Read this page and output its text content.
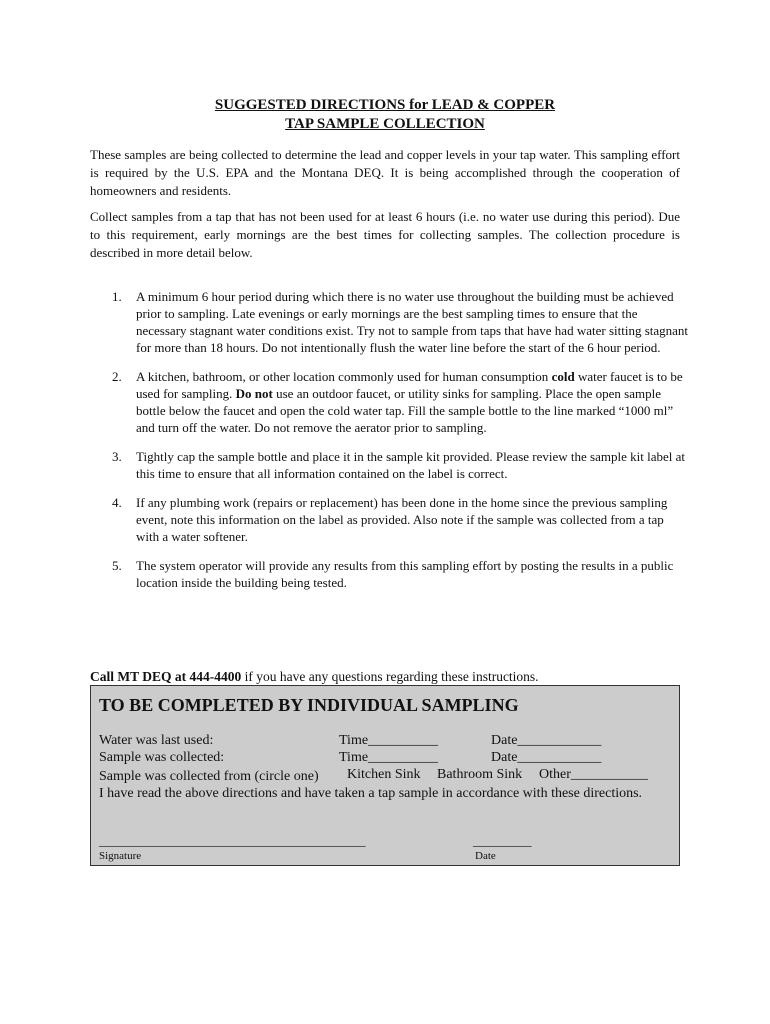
SUGGESTED DIRECTIONS for LEAD & COPPER
TAP SAMPLE COLLECTION

These samples are being collected to determine the lead and copper levels in your tap water. This sampling effort is required by the U.S. EPA and the Montana DEQ. It is being accomplished through the cooperation of homeowners and residents.

Collect samples from a tap that has not been used for at least 6 hours (i.e. no water use during this period). Due to this requirement, early mornings are the best times for collecting samples. The collection procedure is described in more detail below.

1. A minimum 6 hour period during which there is no water use throughout the building must be achieved prior to sampling. Late evenings or early mornings are the best sampling times to ensure that the necessary stagnant water conditions exist. Try not to sample from taps that have had water sitting stagnant for more than 18 hours. Do not intentionally flush the water line before the start of the 6 hour period.
2. A kitchen, bathroom, or other location commonly used for human consumption cold water faucet is to be used for sampling. Do not use an outdoor faucet, or utility sinks for sampling. Place the open sample bottle below the faucet and open the cold water tap. Fill the sample bottle to the line marked “1000 ml” and turn off the water. Do not remove the aerator prior to sampling.
3. Tightly cap the sample bottle and place it in the sample kit provided. Please review the sample kit label at this time to ensure that all information contained on the label is correct.
4. If any plumbing work (repairs or replacement) has been done in the home since the previous sampling event, note this information on the label as provided. Also note if the sample was collected from a tap with a water softener.
5. The system operator will provide any results from this sampling effort by posting the results in a public location inside the building being tested.
Call MT DEQ at 444-4400 if you have any questions regarding these instructions.
TO BE COMPLETED BY INDIVIDUAL SAMPLING
Water was last used:	Time__________	Date____________
Sample was collected:	Time__________	Date____________
Sample was collected from (circle one) Kitchen Sink Bathroom Sink Other___________
I have read the above directions and have taken a tap sample in accordance with these directions.
_________________________________________	_________
Signature	Date
